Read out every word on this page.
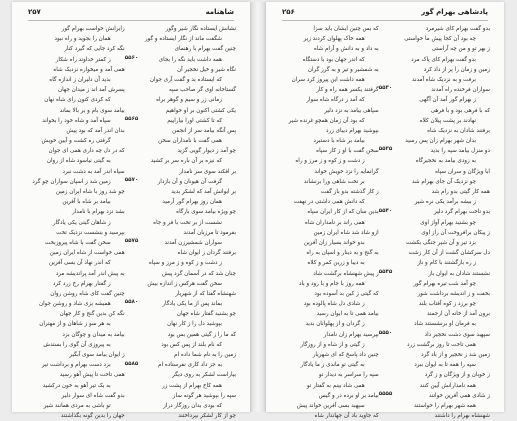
۲۵۷	شاهنامه
نشانش ایستاده نگار شیر وگور
شگفت ماند از نگار ایستاده و گور
چنین گفت بهرام با رهنمای
همه داشت باید نگه را بجای
نگاه شیر و خیل نخجیر آن
که ایستاده بد و گفت آری جوان
گستاخانه اوی گر صاحب سپه
زمانی زر و سیم و گوهر براه
یکی کشتی اکنون بر او خواهیم
که تا کشتی اورا بیاراییم
پس آنگه بیامد سر از انجمن
همی گفت با نامداران سخن
چو آمد ز دیوار گویی گزید
که نیزه بر آن باره سر بر کشید
بر افکند سوی سر نامدار
گرفت آن هیونان و آن بازدار
بر ایوانش آمد که لشکر بدید
همان روز بهرام گور آرمید
چو ویژه بیامد سوی بارگاه
نشست از بر تخت با فر و جاه
بفرمود تا مرزبان آمدند
سواران شمشیرزن آمدند
برفتند گردان ز ایوان شاه
ز دشت و ز کوه و ز مرز و سپاه
چنان شد که در آسمان گرد پیش
سخن گفت هرکس ز اندازه بیش
شهنشاه گفتا که از شهریار
بماند پس از ما یکی یادگار
چو بشنید گفتار شاه جهان
بپوشید دل را ز کار نهان
که ما را ز گیتی همین بس بود
که نام بلند از پس کس بود
زمین را به نام شما داده ام
به جز داد کاری نفرستاده ام
بیاراست لشکر به روی دیگر
همه کاخ بهرام از پشت زر
سپه را بپوشید هر گونه ساز
که بودی بدان روزگار دراز
چو از کار لشکر بپرداختند
زایرانش خواست بهرام گور
همان را بجوید و راه نبود
نگه کرد جایی که گیرد کنار
ز کمتر خداوند راه شکار
همی آمد و میخواره نزدیک شاه
بدید آن دلیران ز اندازه گاه
پسرش آمد اند ز میدان جهان
که کردی کنون رای شاه نهان
بیامد سوی بام و بر بالا بماند
سپاه آمد و شاه خود را بخواند
بدان اندر آمد که بود پیش
گرفتی ره کشت و آیین خویش
که در دل چه داری همی ای جوان
به گیتی نیاسود شاه از روان
سپاه اندر آمد به دشت نبرد
زمین شد ز اسپان سواران چو گرد
چو شد روز با شاه ایران زمین
بیامد بر شاه با آفرین
بشد نزد بهرام با نامدار
ز شاهان گیتی یکی یادگار
بپرسید و بنشست نزدیک تخت
سخن گفت با شاه پیروزبخت
همی خواست از شاه ایران زمین
که اندر نهاد آن بسی آفرین
به پیش اندر آمد پراندیشه مرد
ز گفتار بهرام رخ زرد کرد
چنین گفت کای شاه روشن روان
همیشه بزی شاد و روشن جوان
نگه کن بدین گنج و کار جهان
به هر سو ز شاهان و از مهتران
بیامد به میدان و چوگان بزد
به پیروزی آن گوی را بستدش
ز ایوان بیامد سوی آبگیر
بزد دست بهرام و برداشت تیر
همی تاخت تا پیش آهو رسید
به یک تیر آهو به خون درکشید
بدو گفت شاه ای سوار دلیر
تو باشی به مردی همانند شیر
جهان را بدین گونه بگذاشتند
۵۵۶۰
۵۵۶۵
۵۵۷۰
۵۵۷۵
۵۵۸۰
۵۵۸۵
۲۵۶	پادشاهی بهرام گور
بدو گفت بهرام کای شیرمرد
چه بود آن کجا پیش ما خواستی
ز بهر تو و من چه آراستی
بدو گفت بهرام کای پاک مرد
زمین و زمان را پر از داد کرد
برفت و به نزدیک شاه آمدند
سواران فرخنده راه آمدند
ز بهرام گور آمد آن آگهی
که با فرهی بود و با فرهی
نهادند بر پشت پیلان کلاه
برفتند شادان به نزدیک شاه
بدان شهر بهرام زان پس رسید
دو منزل بیامد سپه را بدید
به زودی بیامد به نخجیرگاه
ابا ویژگان و سران سپاه
چو نزدیک آن جای بهرام شد
همه کار گیتی بدو رام شد
ز بیشه برآمد یکی نره شیر
بدو تاخت بهرام گرد دلیر
چو بشنید بهرام آواز اوی
ز پیکان برافروخت آن راز اوی
بزد تیر و آن شیر جنگی بکشت
دل سرکشان گشت از آن کار زشت
ز ره بازگشتند با کام و ناز
نشستند شادان به ایوان باز
چو آمد شب تیره بهرام گور
بخفت و ز اندیشه برداشت شور
چو برزد ز کوه آفتاب بلند
برون آمد از خانه آن ارجمند
به فرمان او برنشستند شاد
سپهبد سوی دشت نخجیر داد
همی تاخت تا روز برگشت زرد
زمین شد ز نخجیر و از باد گرد
سپه را همه تا به ایوان ببرد
ز خوبان و از ویژگان و ز گرد
همه نامدارانش آیین کنند
ز شادی همی آفرین خوانند
همه شهر بهرام را خواستند
شهنشاه بهرام را داشتند
که بس چنین ایشان باید سزا
همه خاک پهلوان کردند زیر
به داد و به دانش و آرام شاه
که اندر جهان بود با دستگاه
به شمشیر و تیر و به گرز گران
همه داشت این پیروز کرد سران
گرفتند یکسر همه راه و کار
که آمد ز درگاه شاه سوار
سپاهی بیامد به نزد دلیر
که بود آن زمان همچو غرنده شیر
بپوشید بهرام دیبای زرد
بیامد بر شاه با دستبرد
سخن گفت با او ز کار سپاه
ز دشت و ز کوه و ز مرز و راه
گرانمایه را نزد خویش خواند
بر تخت شاهی ورا برنشاند
ز کار گذشته بدو باز گفت
که دانش همی داشتی در نهفت
بدین سان که از کار ایران سپاه
همی راند بر نامداران شاه
ازو شاد شد شاه ایران زمین
بدو خواند بسیار زان آفرین
به گنج و به دینار و اسپان به راه
به دیبا و زرین کمر و کلاه
ز پیش شهنشاه برگشت شاد
همه روز با جام و با رود و باد
که گیتی ز کین بد آسوده بود
ز شادی دل شاه پالوده بود
بیامد همی تا به ایوان رسید
ز گردان و از پهلوانان بدید
بپرسید بهرام زان نامدار
ز گیتی و از شاه و از روزگار
چنین داد پاسخ که ای شهریار
به گیتی تو ماندی ز ما یادگار
سپه را سراسر به دیدار تو
همی شاد بینم به گفتار تو
بیامد بر او برده در و گیس
سپهبد بسی آفرین خواند پیش
که جاوید باد آن جهاندار شاه
۵۵۳۰
۵۵۳۵
۵۵۴۰
۵۵۴۵
۵۵۵۰
۵۵۵۵
